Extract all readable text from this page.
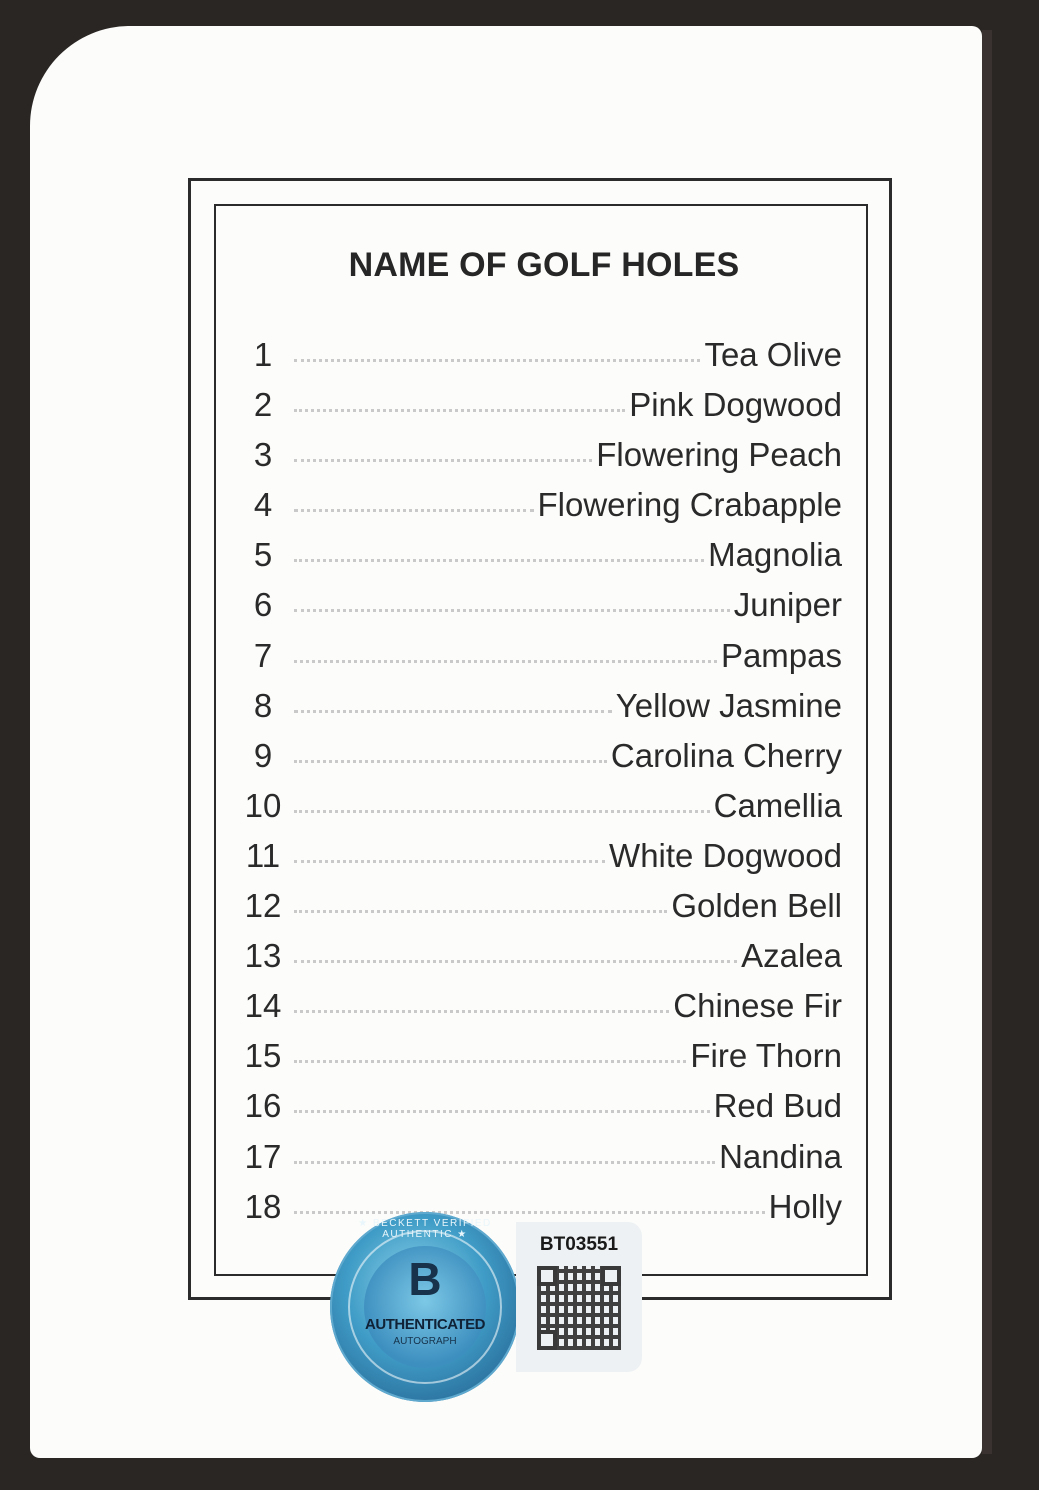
NAME OF GOLF HOLES
1	Tea Olive
2	Pink Dogwood
3	Flowering Peach
4	Flowering Crabapple
5	Magnolia
6	Juniper
7	Pampas
8	Yellow Jasmine
9	Carolina Cherry
10	Camellia
11	White Dogwood
12	Golden Bell
13	Azalea
14	Chinese Fir
15	Fire Thorn
16	Red Bud
17	Nandina
18	Holly
★ BECKETT VERIFIED AUTHENTIC ★
B
AUTHENTICATED
AUTOGRAPH
BT03551
